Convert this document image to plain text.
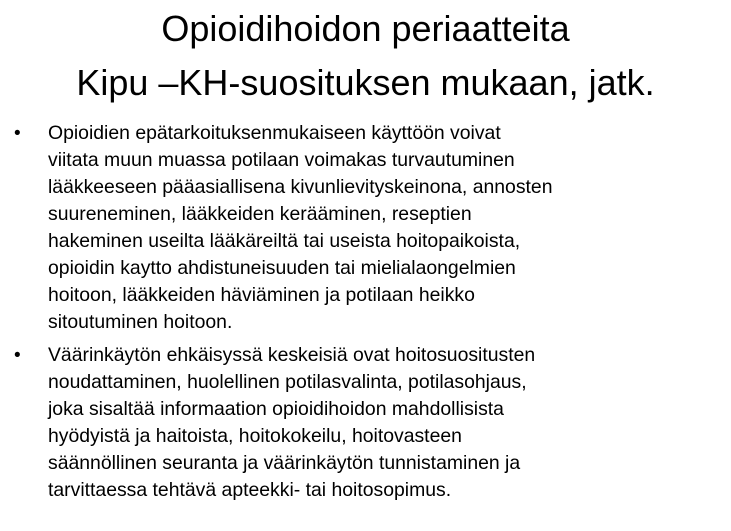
Opioidihoidon periaatteita
Kipu –KH-suosituksen mukaan, jatk.
• Opioidien epätarkoituksenmukaiseen käyttöön voivat
viitata muun muassa potilaan voimakas turvautuminen
lääkkeeseen pääasiallisena kivunlievityskeinona, annosten
suureneminen, lääkkeiden kerääminen, reseptien
hakeminen useilta lääkäreiltä tai useista hoitopaikoista,
opioidin kaytto ahdistuneisuuden tai mielialaongelmien
hoitoon, lääkkeiden häviäminen ja potilaan heikko
sitoutuminen hoitoon.
• Väärinkäytön ehkäisyssä keskeisiä ovat hoitosuositusten
noudattaminen, huolellinen potilasvalinta, potilasohjaus,
joka sisaltää informaation opioidihoidon mahdollisista
hyödyistä ja haitoista, hoitokokeilu, hoitovasteen
säännöllinen seuranta ja väärinkäytön tunnistaminen ja
tarvittaessa tehtävä apteekki- tai hoitosopimus.
